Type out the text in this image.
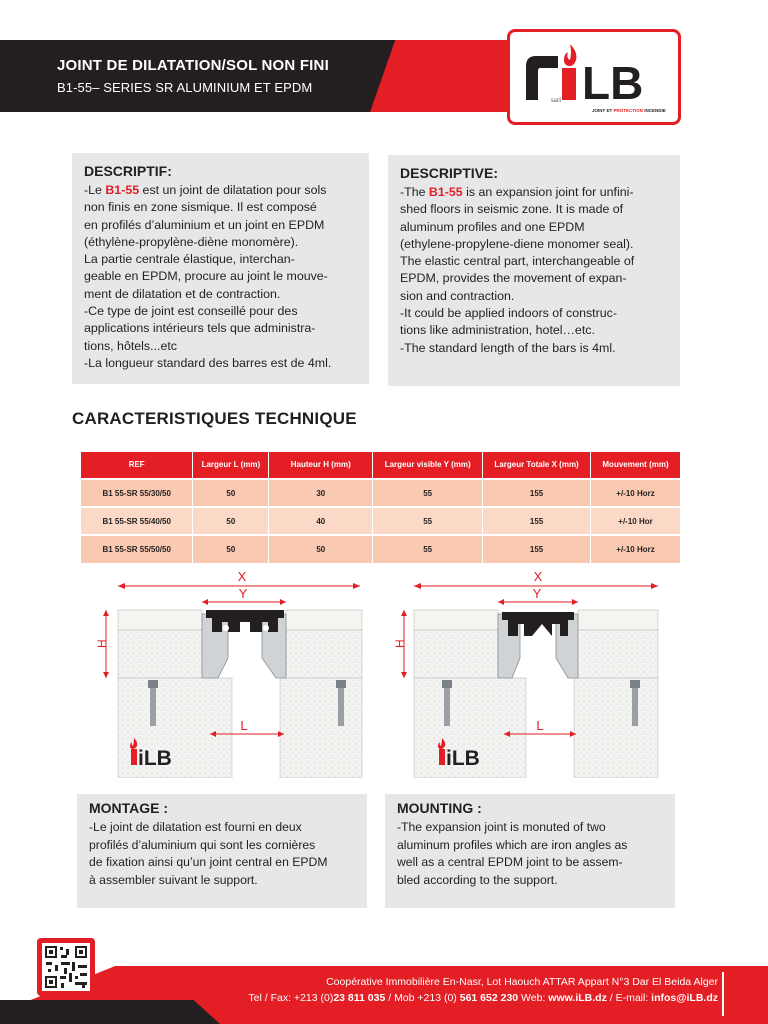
JOINT DE DILATATION/SOL NON FINI
B1-55– SERIES SR ALUMINIUM ET EPDM	LB
sarl
JOINT ET PROTECTION INCENDIE
DESCRIPTIF:
-Le B1-55 est un joint de dilatation pour sols
non finis en zone sismique. Il est composé
en profilés d’aluminium et un joint en EPDM
(éthylène-propylène-diène monomère).
La partie centrale élastique, interchan-
geable en EPDM, procure au joint le mouve-
ment de dilatation et de contraction.
-Ce type de joint est conseillé pour des
applications intérieurs tels que administra-
tions, hôtels...etc
-La longueur standard des barres est de 4ml.
DESCRIPTIVE:
-The B1-55 is an expansion joint for unfini-
shed floors in seismic zone. It is made of
aluminum profiles and one EPDM
(ethylene-propylene-diene monomer seal).
The elastic central part, interchangeable of
EPDM, provides the movement of expan-
sion and contraction.
-It could be applied indoors of construc-
tions like administration, hotel…etc.
-The standard length of the bars is 4ml.
CARACTERISTIQUES TECHNIQUE
REF	Largeur L (mm)	Hauteur H (mm)	Largeur visible Y (mm)	Largeur Totale X (mm)	Mouvement (mm)
B1 55-SR 55/30/50	50	30	55	155	+/-10 Horz
B1 55-SR 55/40/50	50	40	55	155	+/-10 Hor
B1 55-SR 55/50/50	50	50	55	155	+/-10 Horz
X
Y
H
L
iLB
X
Y
H
L
iLB
MONTAGE :
-Le joint de dilatation est fourni en deux
profilés d’aluminium qui sont les cornières
de fixation ainsi qu’un joint central en EPDM
à assembler suivant le support.
MOUNTING :
-The expansion joint is monuted of two
aluminum profiles which are iron angles as
well as a central EPDM joint to be assem-
bled according to the support.
Coopérative Immobilière En-Nasr, Lot Haouch ATTAR Appart N°3 Dar El Beida Alger
Tel / Fax: +213 (0)23 811 035 / Mob +213 (0) 561 652 230 Web: www.iLB.dz / E-mail: infos@iLB.dz
